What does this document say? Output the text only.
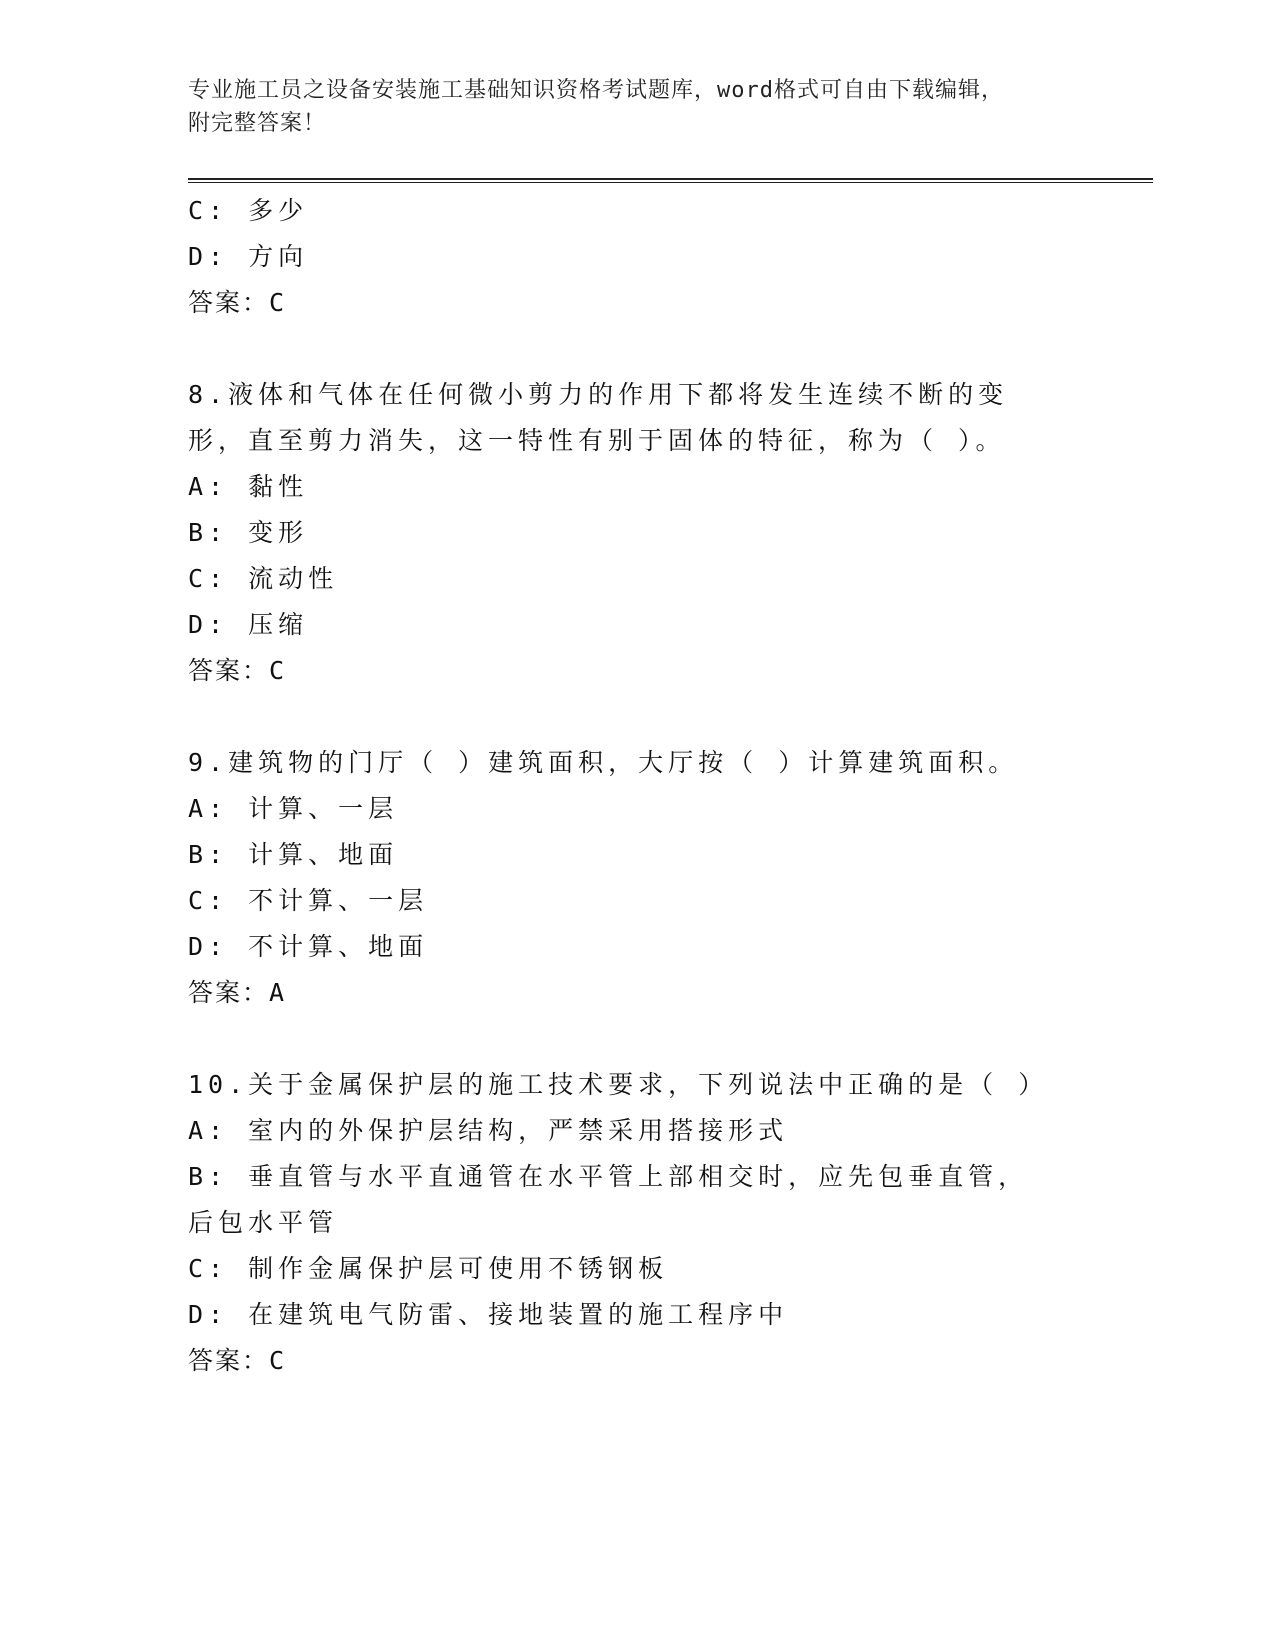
专业施工员之设备安装施工基础知识资格考试题库，word格式可自由下载编辑，
附完整答案！
C: 多少
D: 方向
答案：C
8.液体和气体在任何微小剪力的作用下都将发生连续不断的变形，直至剪力消失，这一特性有别于固体的特征，称为（ ）。
A: 黏性
B: 变形
C: 流动性
D: 压缩
答案：C
9.建筑物的门厅（ ）建筑面积，大厅按（ ）计算建筑面积。
A: 计算、一层
B: 计算、地面
C: 不计算、一层
D: 不计算、地面
答案：A
10.关于金属保护层的施工技术要求，下列说法中正确的是（ ）
A: 室内的外保护层结构，严禁采用搭接形式
B: 垂直管与水平直通管在水平管上部相交时，应先包垂直管，后包水平管
C: 制作金属保护层可使用不锈钢板
D: 在建筑电气防雷、接地装置的施工程序中
答案：C
